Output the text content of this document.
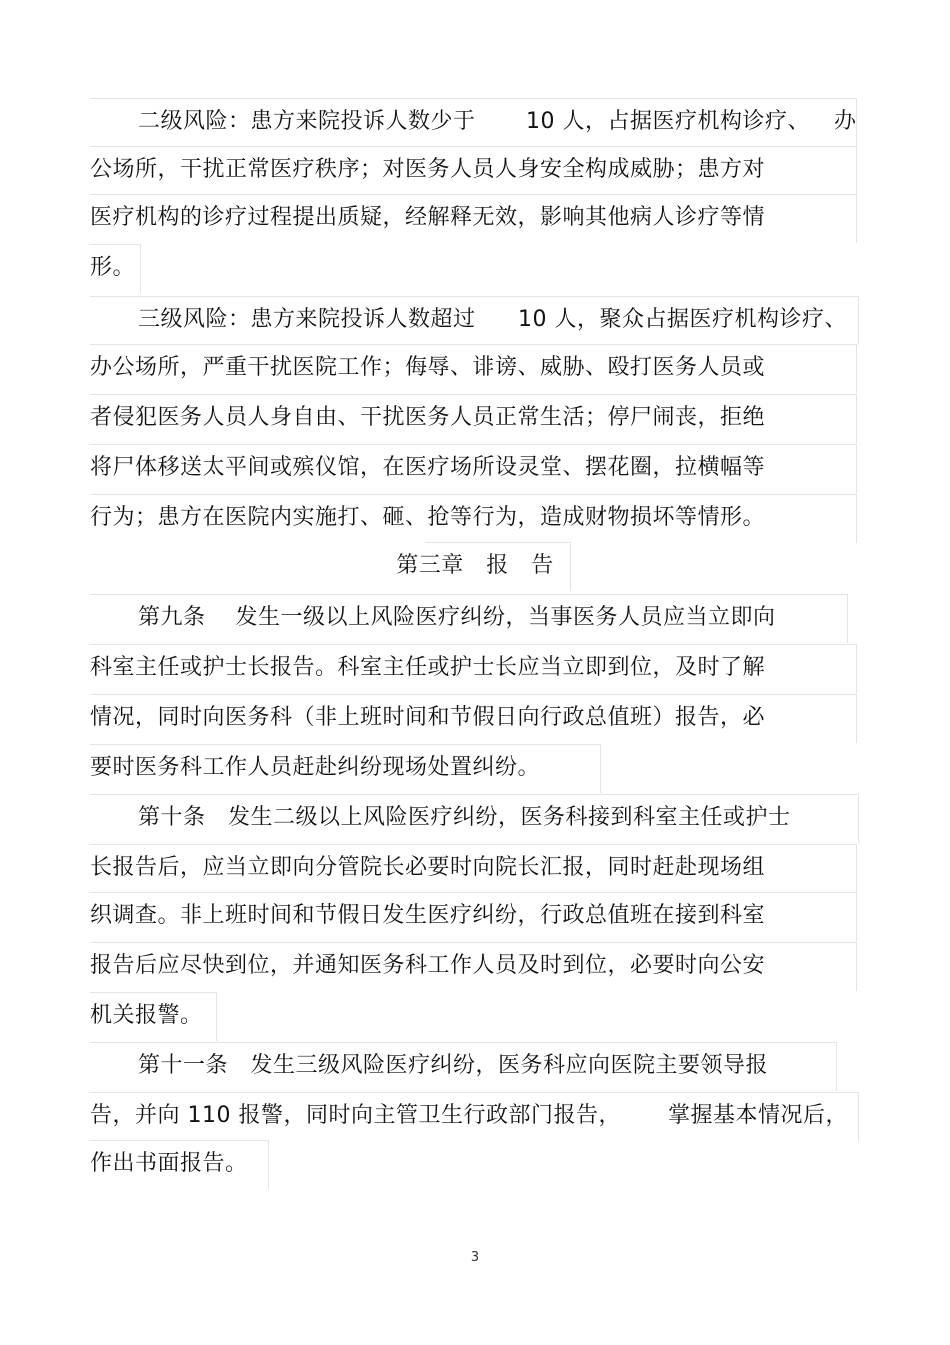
二级风险：患方来院投诉人数少于 10 人，占据医疗机构诊疗、 办
公场所，干扰正常医疗秩序；对医务人员人身安全构成威胁；患方对
医疗机构的诊疗过程提出质疑，经解释无效，影响其他病人诊疗等情
形。
三级风险：患方来院投诉人数超过 10 人，聚众占据医疗机构诊疗、
办公场所，严重干扰医院工作；侮辱、诽谤、威胁、殴打医务人员或
者侵犯医务人员人身自由、干扰医务人员正常生活；停尸闹丧，拒绝
将尸体移送太平间或殡仪馆，在医疗场所设灵堂、摆花圈，拉横幅等
行为；患方在医院内实施打、砸、抢等行为，造成财物损坏等情形。
第三章　报　告
第九条　 发生一级以上风险医疗纠纷，当事医务人员应当立即向
科室主任或护士长报告。科室主任或护士长应当立即到位，及时了解
情况，同时向医务科（非上班时间和节假日向行政总值班）报告，必
要时医务科工作人员赶赴纠纷现场处置纠纷。
第十条　发生二级以上风险医疗纠纷，医务科接到科室主任或护士
长报告后，应当立即向分管院长必要时向院长汇报，同时赶赴现场组
织调查。非上班时间和节假日发生医疗纠纷，行政总值班在接到科室
报告后应尽快到位，并通知医务科工作人员及时到位，必要时向公安
机关报警。
第十一条　发生三级风险医疗纠纷，医务科应向医院主要领导报
告，并向 110 报警，同时向主管卫生行政部门报告， 掌握基本情况后，
作出书面报告。
3
